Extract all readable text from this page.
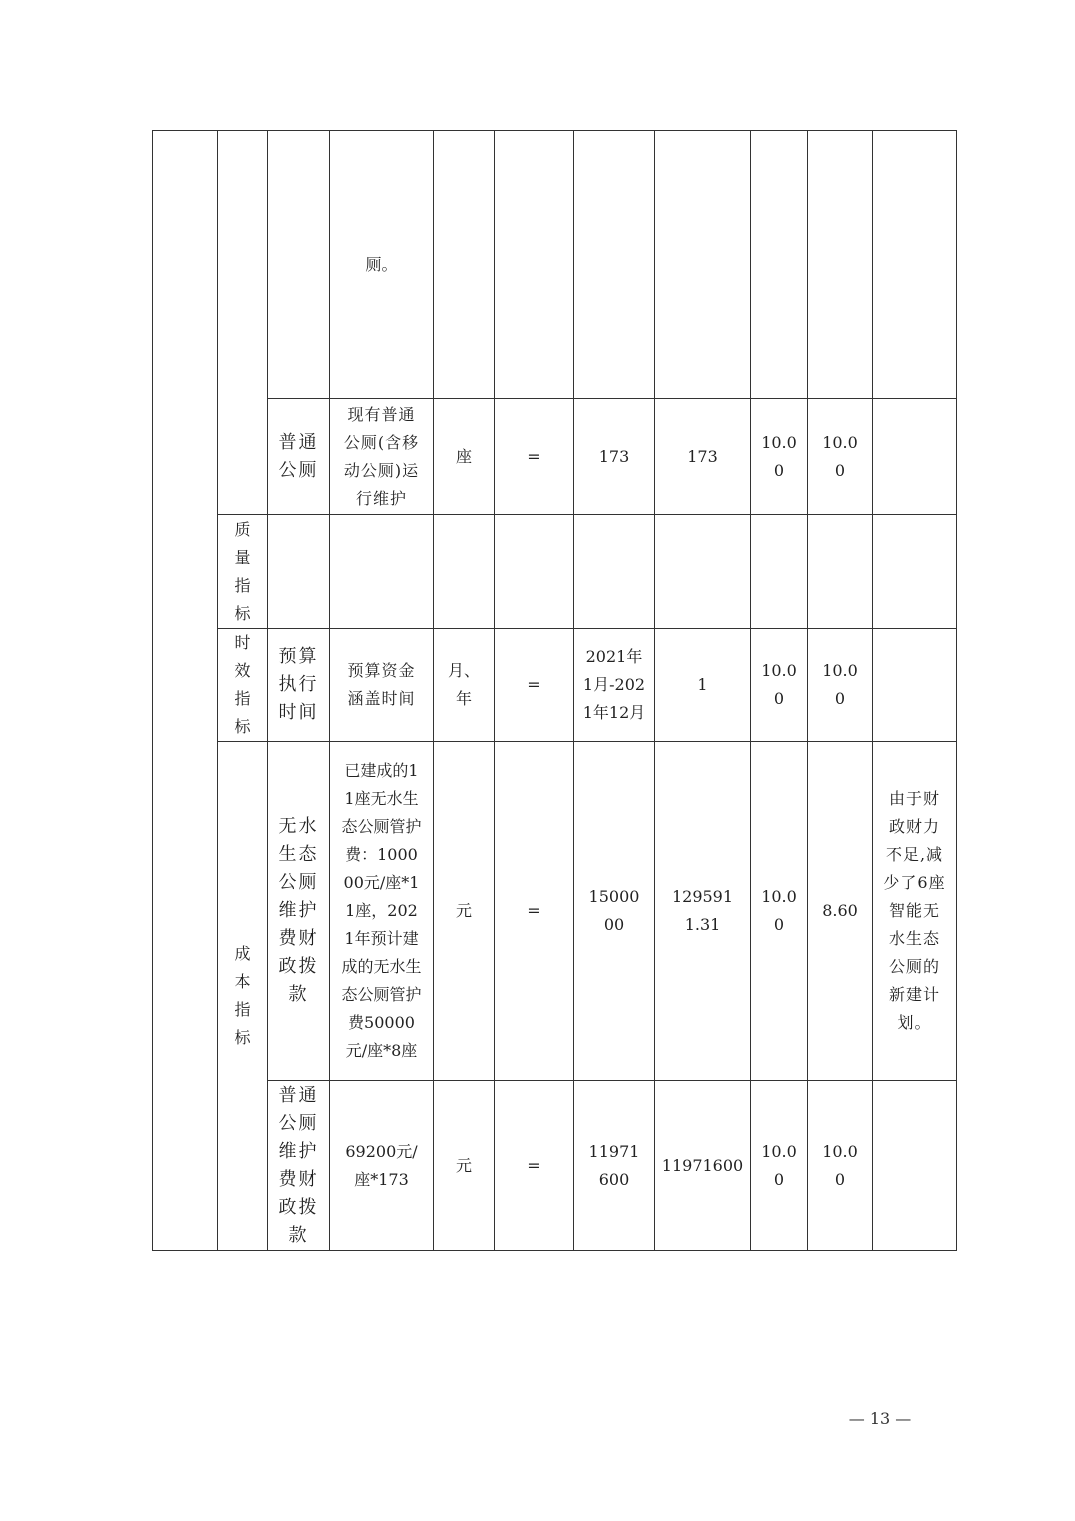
			厕。							
		普通公厕	现有普通公厕(含移动公厕)运行维护	座	=	173	173	10.00	10.00	
	质量指标									
	时效指标	预算执行时间	预算资金涵盖时间	月、年	=	2021年1月-2021年12月	1	10.00	10.00	
	成本指标	无水生态公厕维护费财政拨款	已建成的11座无水生态公厕管护费：100000元/座*11座，2021年预计建成的无水生态公厕管护费50000元/座*8座	元	=	1500000	1295911.31	10.00	8.60	由于财政财力不足,减少了6座智能无水生态公厕的新建计划。
		普通公厕维护费财政拨款	69200元/座*173	元	=	11971600	11971600	10.00	10.00	
— 13 —
